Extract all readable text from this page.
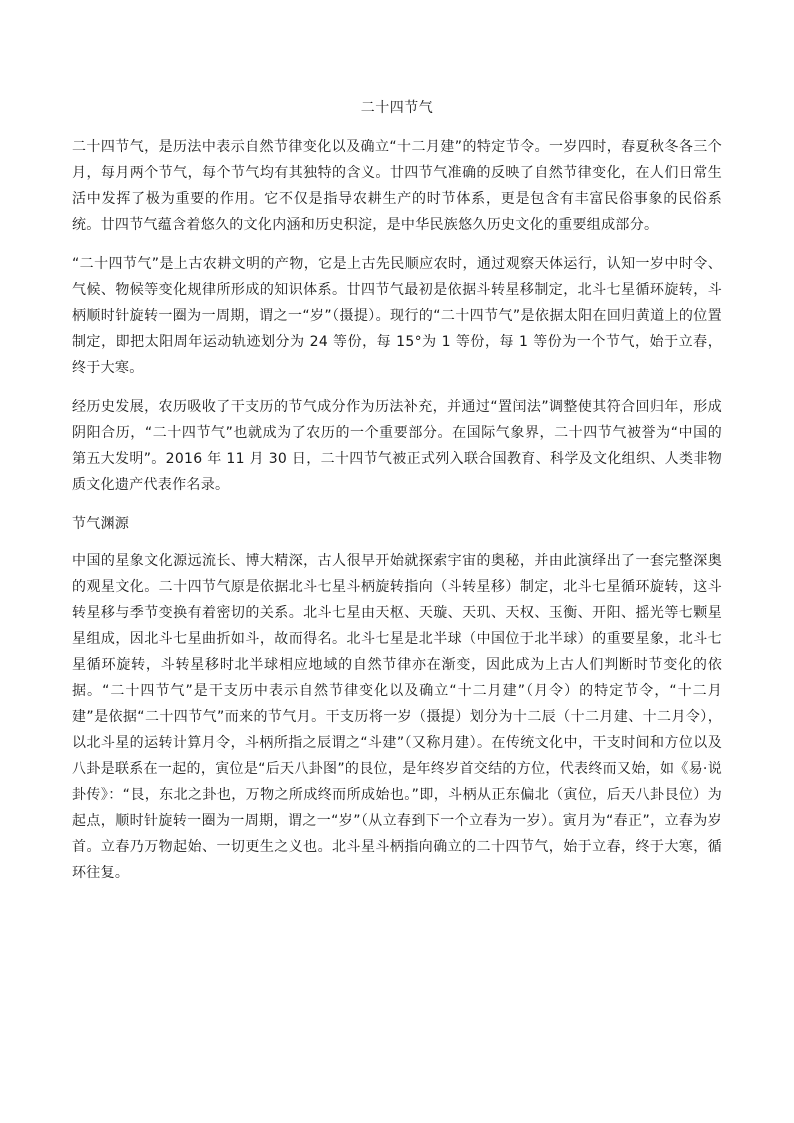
二十四节气

二十四节气，是历法中表示自然节律变化以及确立“十二月建”的特定节令。一岁四时，春夏秋冬各三个月，每月两个节气，每个节气均有其独特的含义。廿四节气准确的反映了自然节律变化，在人们日常生活中发挥了极为重要的作用。它不仅是指导农耕生产的时节体系，更是包含有丰富民俗事象的民俗系统。廿四节气蕴含着悠久的文化内涵和历史积淀，是中华民族悠久历史文化的重要组成部分。

“二十四节气”是上古农耕文明的产物，它是上古先民顺应农时，通过观察天体运行，认知一岁中时令、气候、物候等变化规律所形成的知识体系。廿四节气最初是依据斗转星移制定，北斗七星循环旋转，斗柄顺时针旋转一圈为一周期，谓之一“岁”（摄提）。现行的“二十四节气”是依据太阳在回归黄道上的位置制定，即把太阳周年运动轨迹划分为 24 等份，每 15°为 1 等份，每 1 等份为一个节气，始于立春，终于大寒。

经历史发展，农历吸收了干支历的节气成分作为历法补充，并通过“置闰法”调整使其符合回归年，形成阴阳合历，“二十四节气”也就成为了农历的一个重要部分。在国际气象界，二十四节气被誉为“中国的第五大发明”。2016 年 11 月 30 日，二十四节气被正式列入联合国教育、科学及文化组织、人类非物质文化遗产代表作名录。

节气渊源

中国的星象文化源远流长、博大精深，古人很早开始就探索宇宙的奥秘，并由此演绎出了一套完整深奥的观星文化。二十四节气原是依据北斗七星斗柄旋转指向（斗转星移）制定，北斗七星循环旋转，这斗转星移与季节变换有着密切的关系。北斗七星由天枢、天璇、天玑、天权、玉衡、开阳、摇光等七颗星星组成，因北斗七星曲折如斗，故而得名。北斗七星是北半球（中国位于北半球）的重要星象，北斗七星循环旋转，斗转星移时北半球相应地域的自然节律亦在渐变，因此成为上古人们判断时节变化的依据。“二十四节气”是干支历中表示自然节律变化以及确立“十二月建”（月令）的特定节令，“十二月建”是依据“二十四节气”而来的节气月。干支历将一岁（摄提）划分为十二辰（十二月建、十二月令），以北斗星的运转计算月令，斗柄所指之辰谓之“斗建”（又称月建）。在传统文化中，干支时间和方位以及八卦是联系在一起的，寅位是“后天八卦图”的艮位，是年终岁首交结的方位，代表终而又始，如《易·说卦传》：“艮，东北之卦也，万物之所成终而所成始也。”即，斗柄从正东偏北（寅位，后天八卦艮位）为起点，顺时针旋转一圈为一周期，谓之一“岁”（从立春到下一个立春为一岁）。寅月为“春正”，立春为岁首。立春乃万物起始、一切更生之义也。北斗星斗柄指向确立的二十四节气，始于立春，终于大寒，循环往复。
